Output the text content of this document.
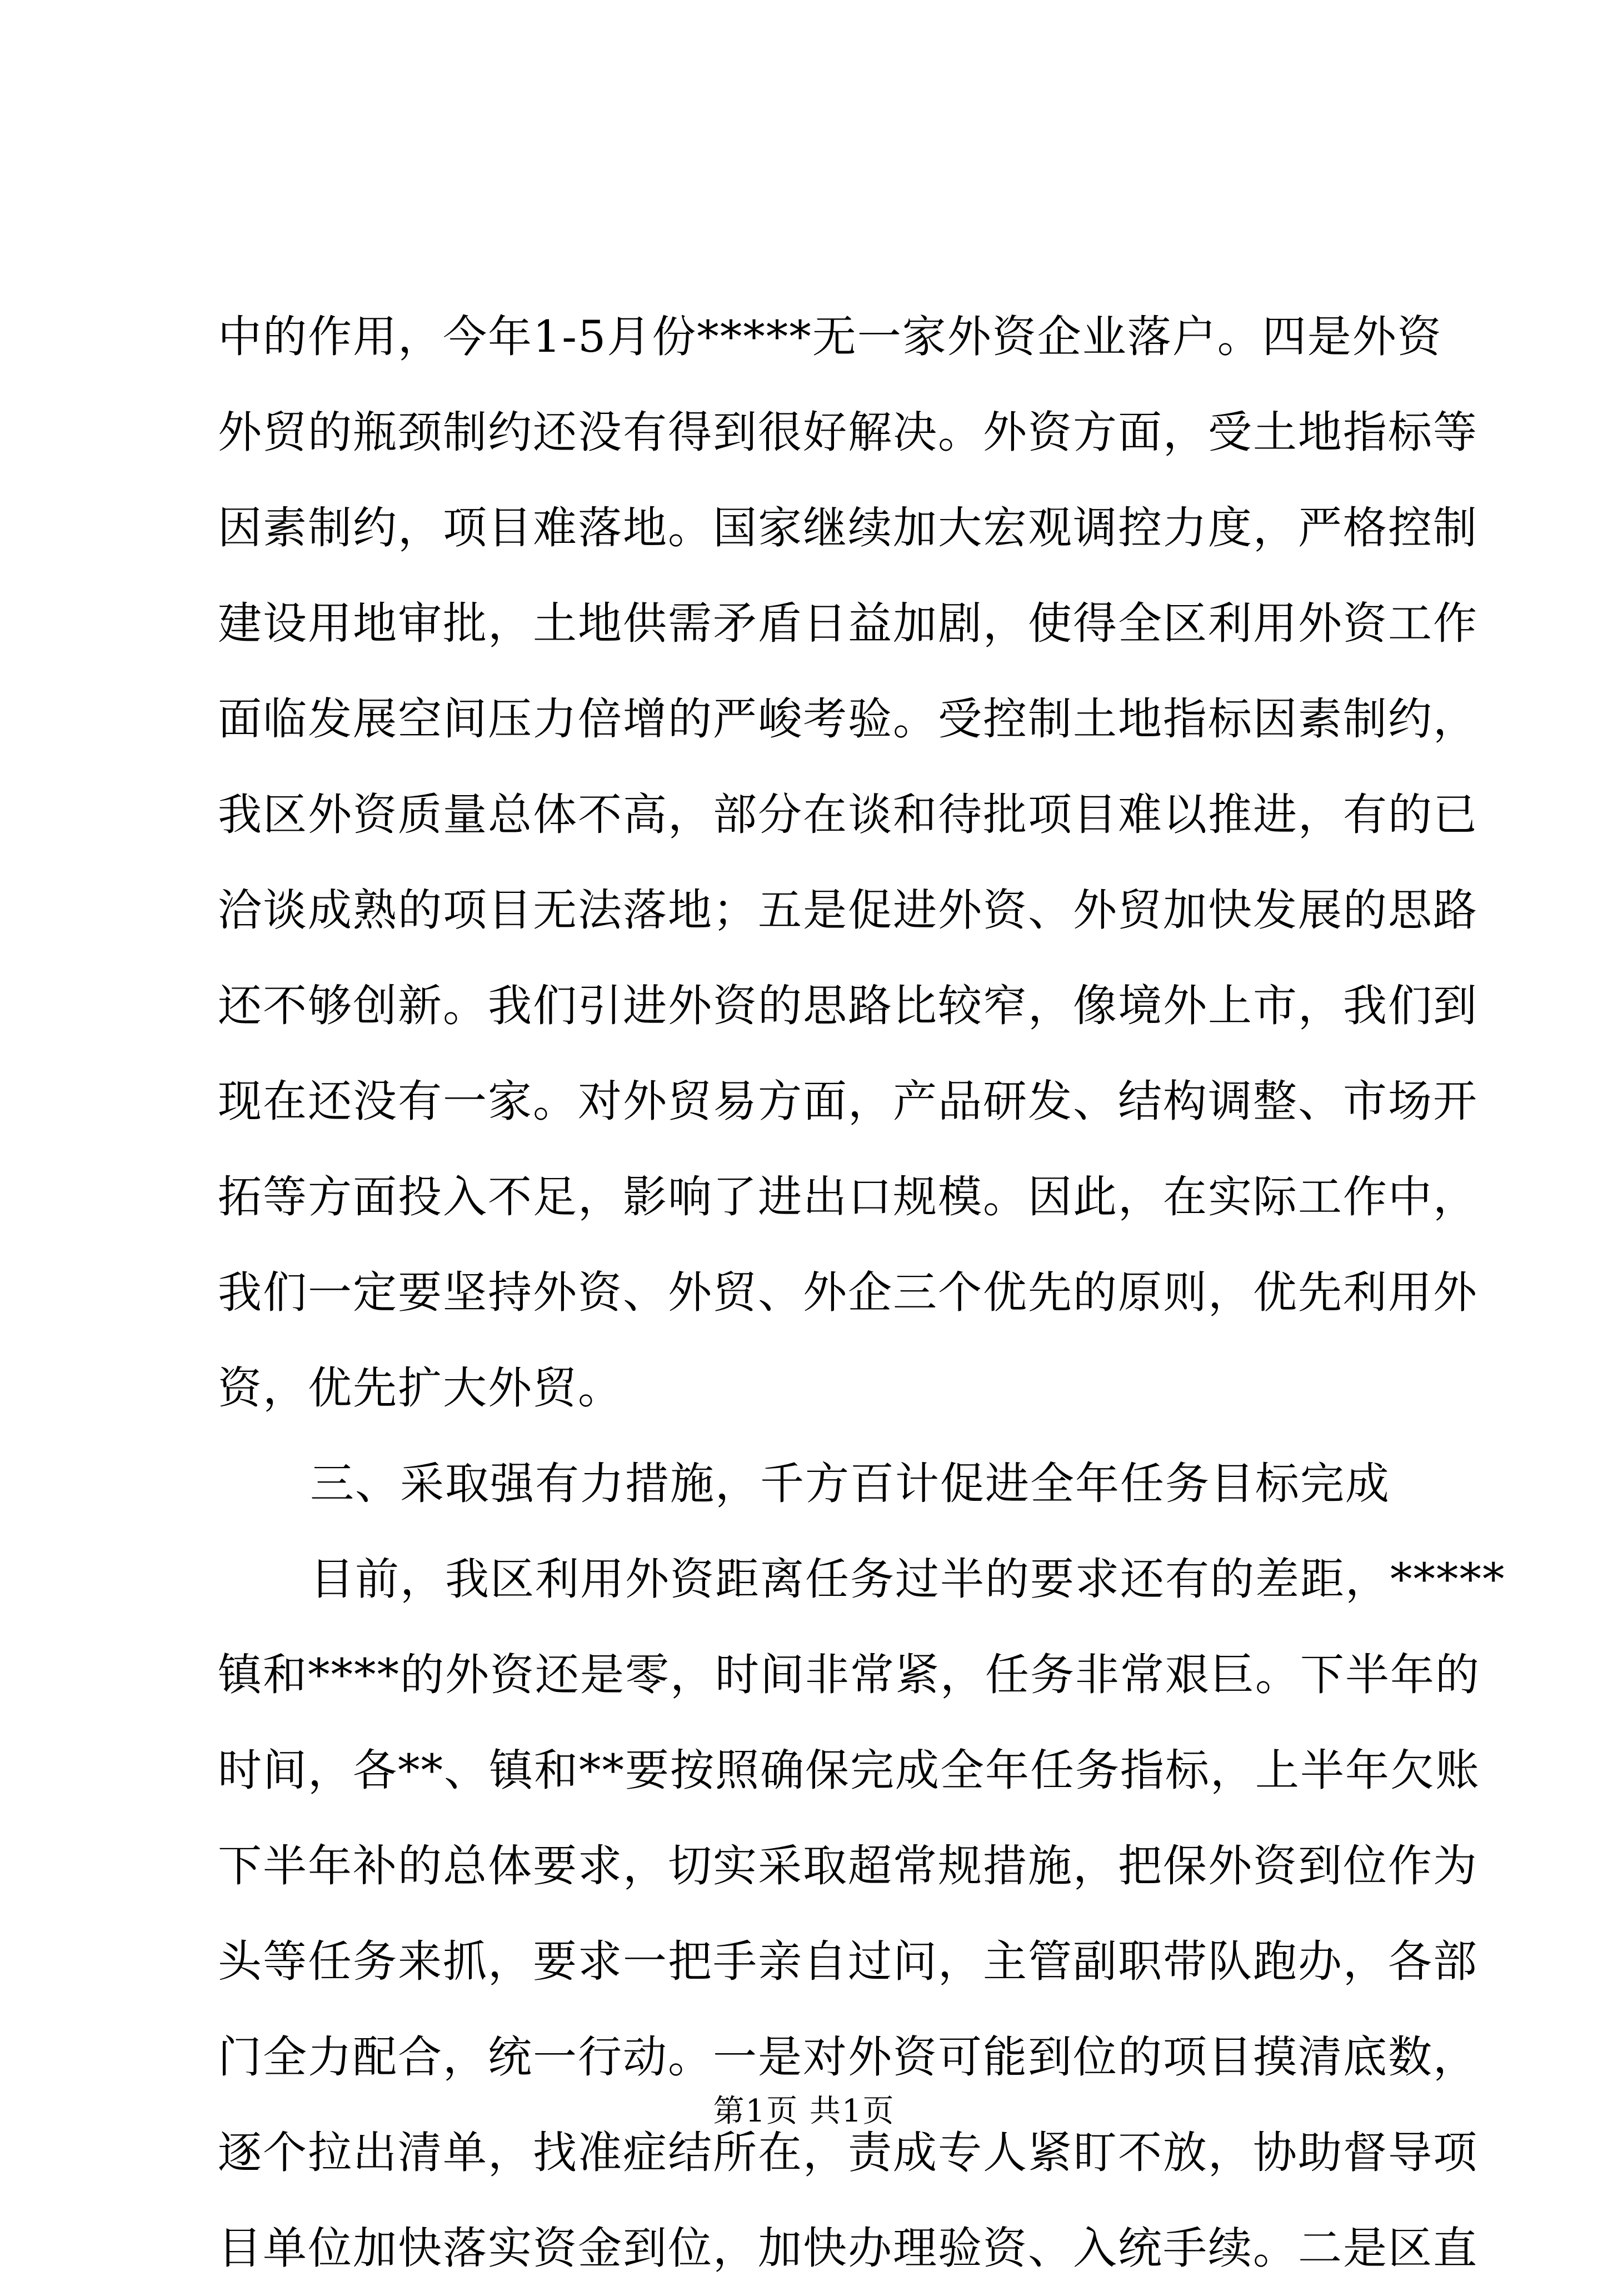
中的作用，今年1-5月份*****无一家外资企业落户。四是外资
外贸的瓶颈制约还没有得到很好解决。外资方面，受土地指标等
因素制约，项目难落地。国家继续加大宏观调控力度，严格控制
建设用地审批，土地供需矛盾日益加剧，使得全区利用外资工作
面临发展空间压力倍增的严峻考验。受控制土地指标因素制约，
我区外资质量总体不高，部分在谈和待批项目难以推进，有的已
洽谈成熟的项目无法落地；五是促进外资、外贸加快发展的思路
还不够创新。我们引进外资的思路比较窄，像境外上市，我们到
现在还没有一家。对外贸易方面，产品研发、结构调整、市场开
拓等方面投入不足，影响了进出口规模。因此，在实际工作中，
我们一定要坚持外资、外贸、外企三个优先的原则，优先利用外
资，优先扩大外贸。
三、采取强有力措施，千方百计促进全年任务目标完成
目前，我区利用外资距离任务过半的要求还有的差距，*****
镇和****的外资还是零，时间非常紧，任务非常艰巨。下半年的
时间，各**、镇和**要按照确保完成全年任务指标，上半年欠账
下半年补的总体要求，切实采取超常规措施，把保外资到位作为
头等任务来抓，要求一把手亲自过问，主管副职带队跑办，各部
门全力配合，统一行动。一是对外资可能到位的项目摸清底数，
逐个拉出清单，找准症结所在，责成专人紧盯不放，协助督导项
目单位加快落实资金到位，加快办理验资、入统手续。二是区直
第1页 共1页
